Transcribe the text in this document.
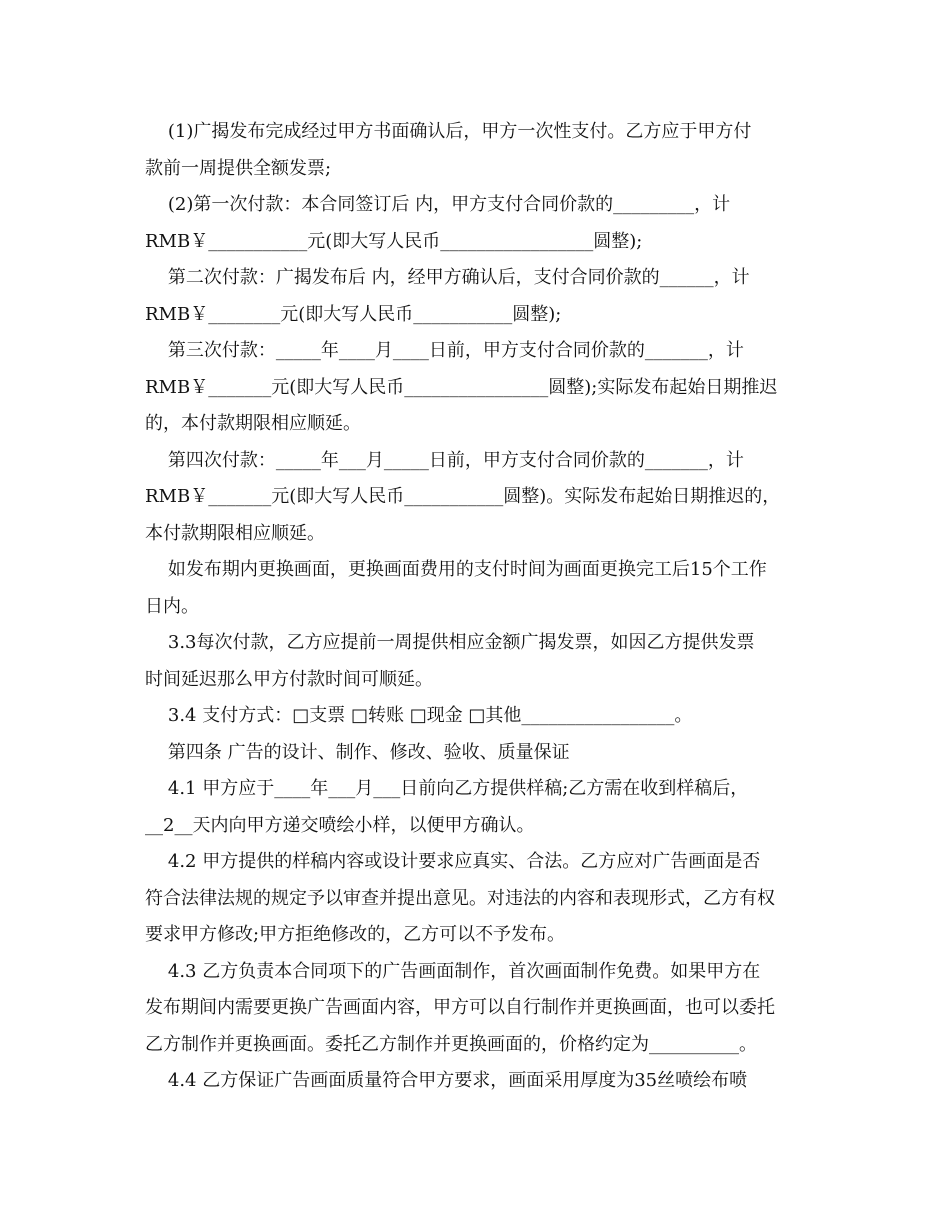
(1)广揭发布完成经过甲方书面确认后，甲方一次性支付。乙方应于甲方付

款前一周提供全额发票;

(2)第一次付款：本合同签订后 内，甲方支付合同价款的_________，计

RMB￥___________元(即大写人民币_________________圆整);

第二次付款：广揭发布后 内，经甲方确认后，支付合同价款的______，计

RMB￥________元(即大写人民币___________圆整);

第三次付款：_____年____月____日前，甲方支付合同价款的_______，计

RMB￥_______元(即大写人民币________________圆整);实际发布起始日期推迟

的，本付款期限相应顺延。

第四次付款：_____年___月_____日前，甲方支付合同价款的_______，计

RMB￥_______元(即大写人民币___________圆整)。实际发布起始日期推迟的，

本付款期限相应顺延。

如发布期内更换画面，更换画面费用的支付时间为画面更换完工后15个工作

日内。

3.3每次付款，乙方应提前一周提供相应金额广揭发票，如因乙方提供发票

时间延迟那么甲方付款时间可顺延。

3.4 支付方式：□支票 □转账 □现金 □其他_________________。

第四条 广告的设计、制作、修改、验收、质量保证

4.1 甲方应于____年___月___日前向乙方提供样稿;乙方需在收到样稿后，

__2__天内向甲方递交喷绘小样，以便甲方确认。

4.2 甲方提供的样稿内容或设计要求应真实、合法。乙方应对广告画面是否

符合法律法规的规定予以审查并提出意见。对违法的内容和表现形式，乙方有权

要求甲方修改;甲方拒绝修改的，乙方可以不予发布。

4.3 乙方负责本合同项下的广告画面制作，首次画面制作免费。如果甲方在

发布期间内需要更换广告画面内容，甲方可以自行制作并更换画面，也可以委托

乙方制作并更换画面。委托乙方制作并更换画面的，价格约定为__________。

4.4 乙方保证广告画面质量符合甲方要求，画面采用厚度为35丝喷绘布喷
